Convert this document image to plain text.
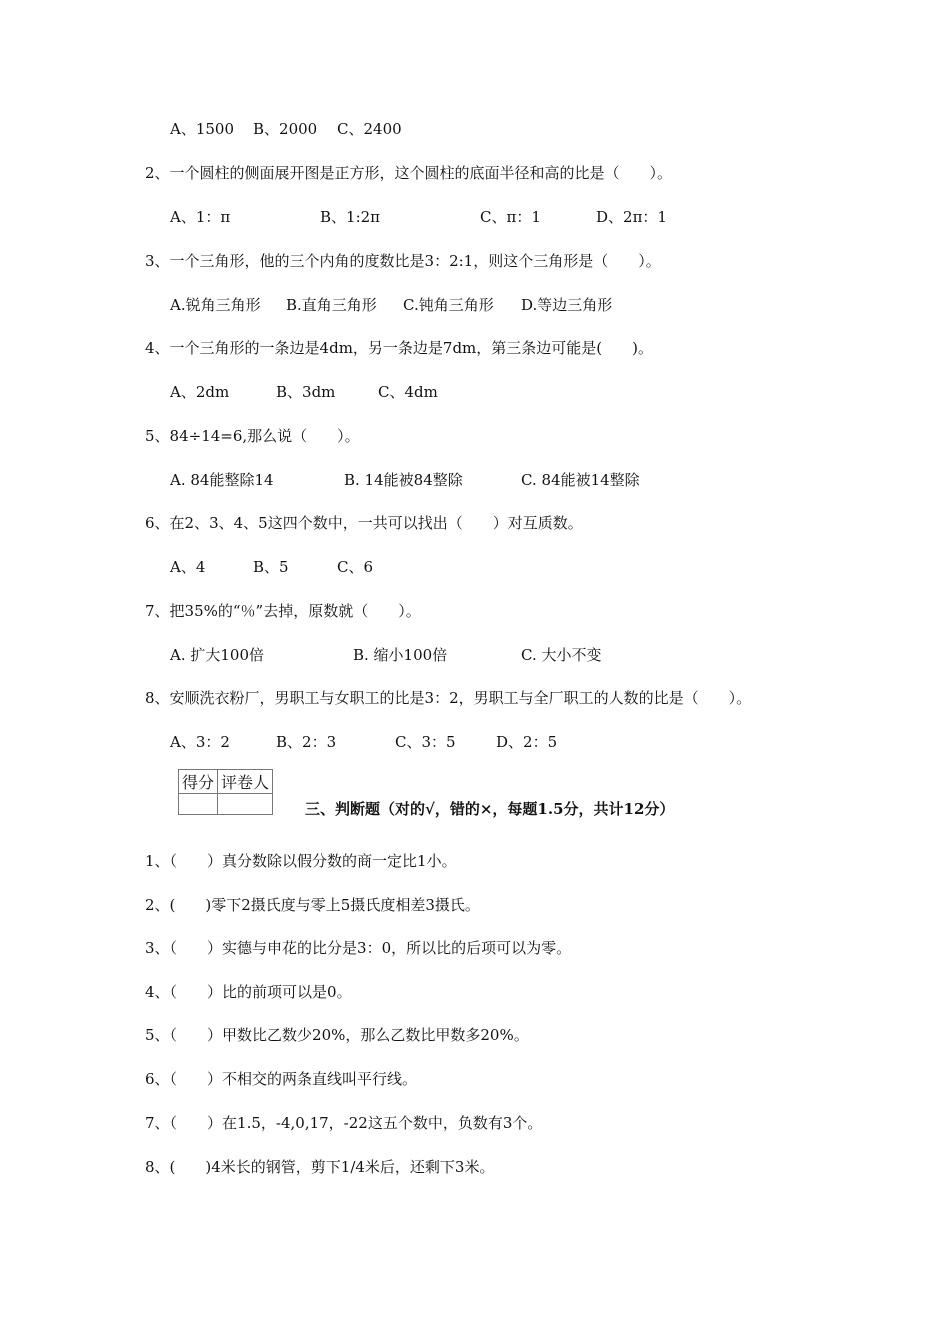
A、1500 B、2000 C、2400
2、一个圆柱的侧面展开图是正方形，这个圆柱的底面半径和高的比是（　　）。
A、1：π	B、1:2π	C、π：1	D、2π：1
3、一个三角形，他的三个内角的度数比是3：2:1，则这个三角形是（　　）。
A.锐角三角形 B.直角三角形 C.钝角三角形 D.等边三角形
4、一个三角形的一条边是4dm，另一条边是7dm，第三条边可能是(　　)。
A、2dm	B、3dm	C、4dm
5、84÷14=6,那么说（　　）。
A. 84能整除14	B. 14能被84整除	C. 84能被14整除
6、在2、3、4、5这四个数中，一共可以找出（　　）对互质数。
A、4	B、5	C、6
7、把35%的“％”去掉，原数就（　　）。
A. 扩大100倍	B. 缩小100倍	C. 大小不变
8、安顺洗衣粉厂，男职工与女职工的比是3：2，男职工与全厂职工的人数的比是（　　）。
A、3：2	B、2：3	C、3：5	D、2：5
得分	评卷人

三、判断题（对的√，错的×，每题1.5分，共计12分）
1、（　　）真分数除以假分数的商一定比1小。
2、(　　)零下2摄氏度与零上5摄氏度相差3摄氏。
3、（　　）实德与申花的比分是3：0，所以比的后项可以为零。
4、（　　）比的前项可以是0。
5、（　　）甲数比乙数少20%，那么乙数比甲数多20%。
6、（　　）不相交的两条直线叫平行线。
7、（　　）在1.5，-4,0,17，-22这五个数中，负数有3个。
8、(　　)4米长的钢管，剪下1/4米后，还剩下3米。
